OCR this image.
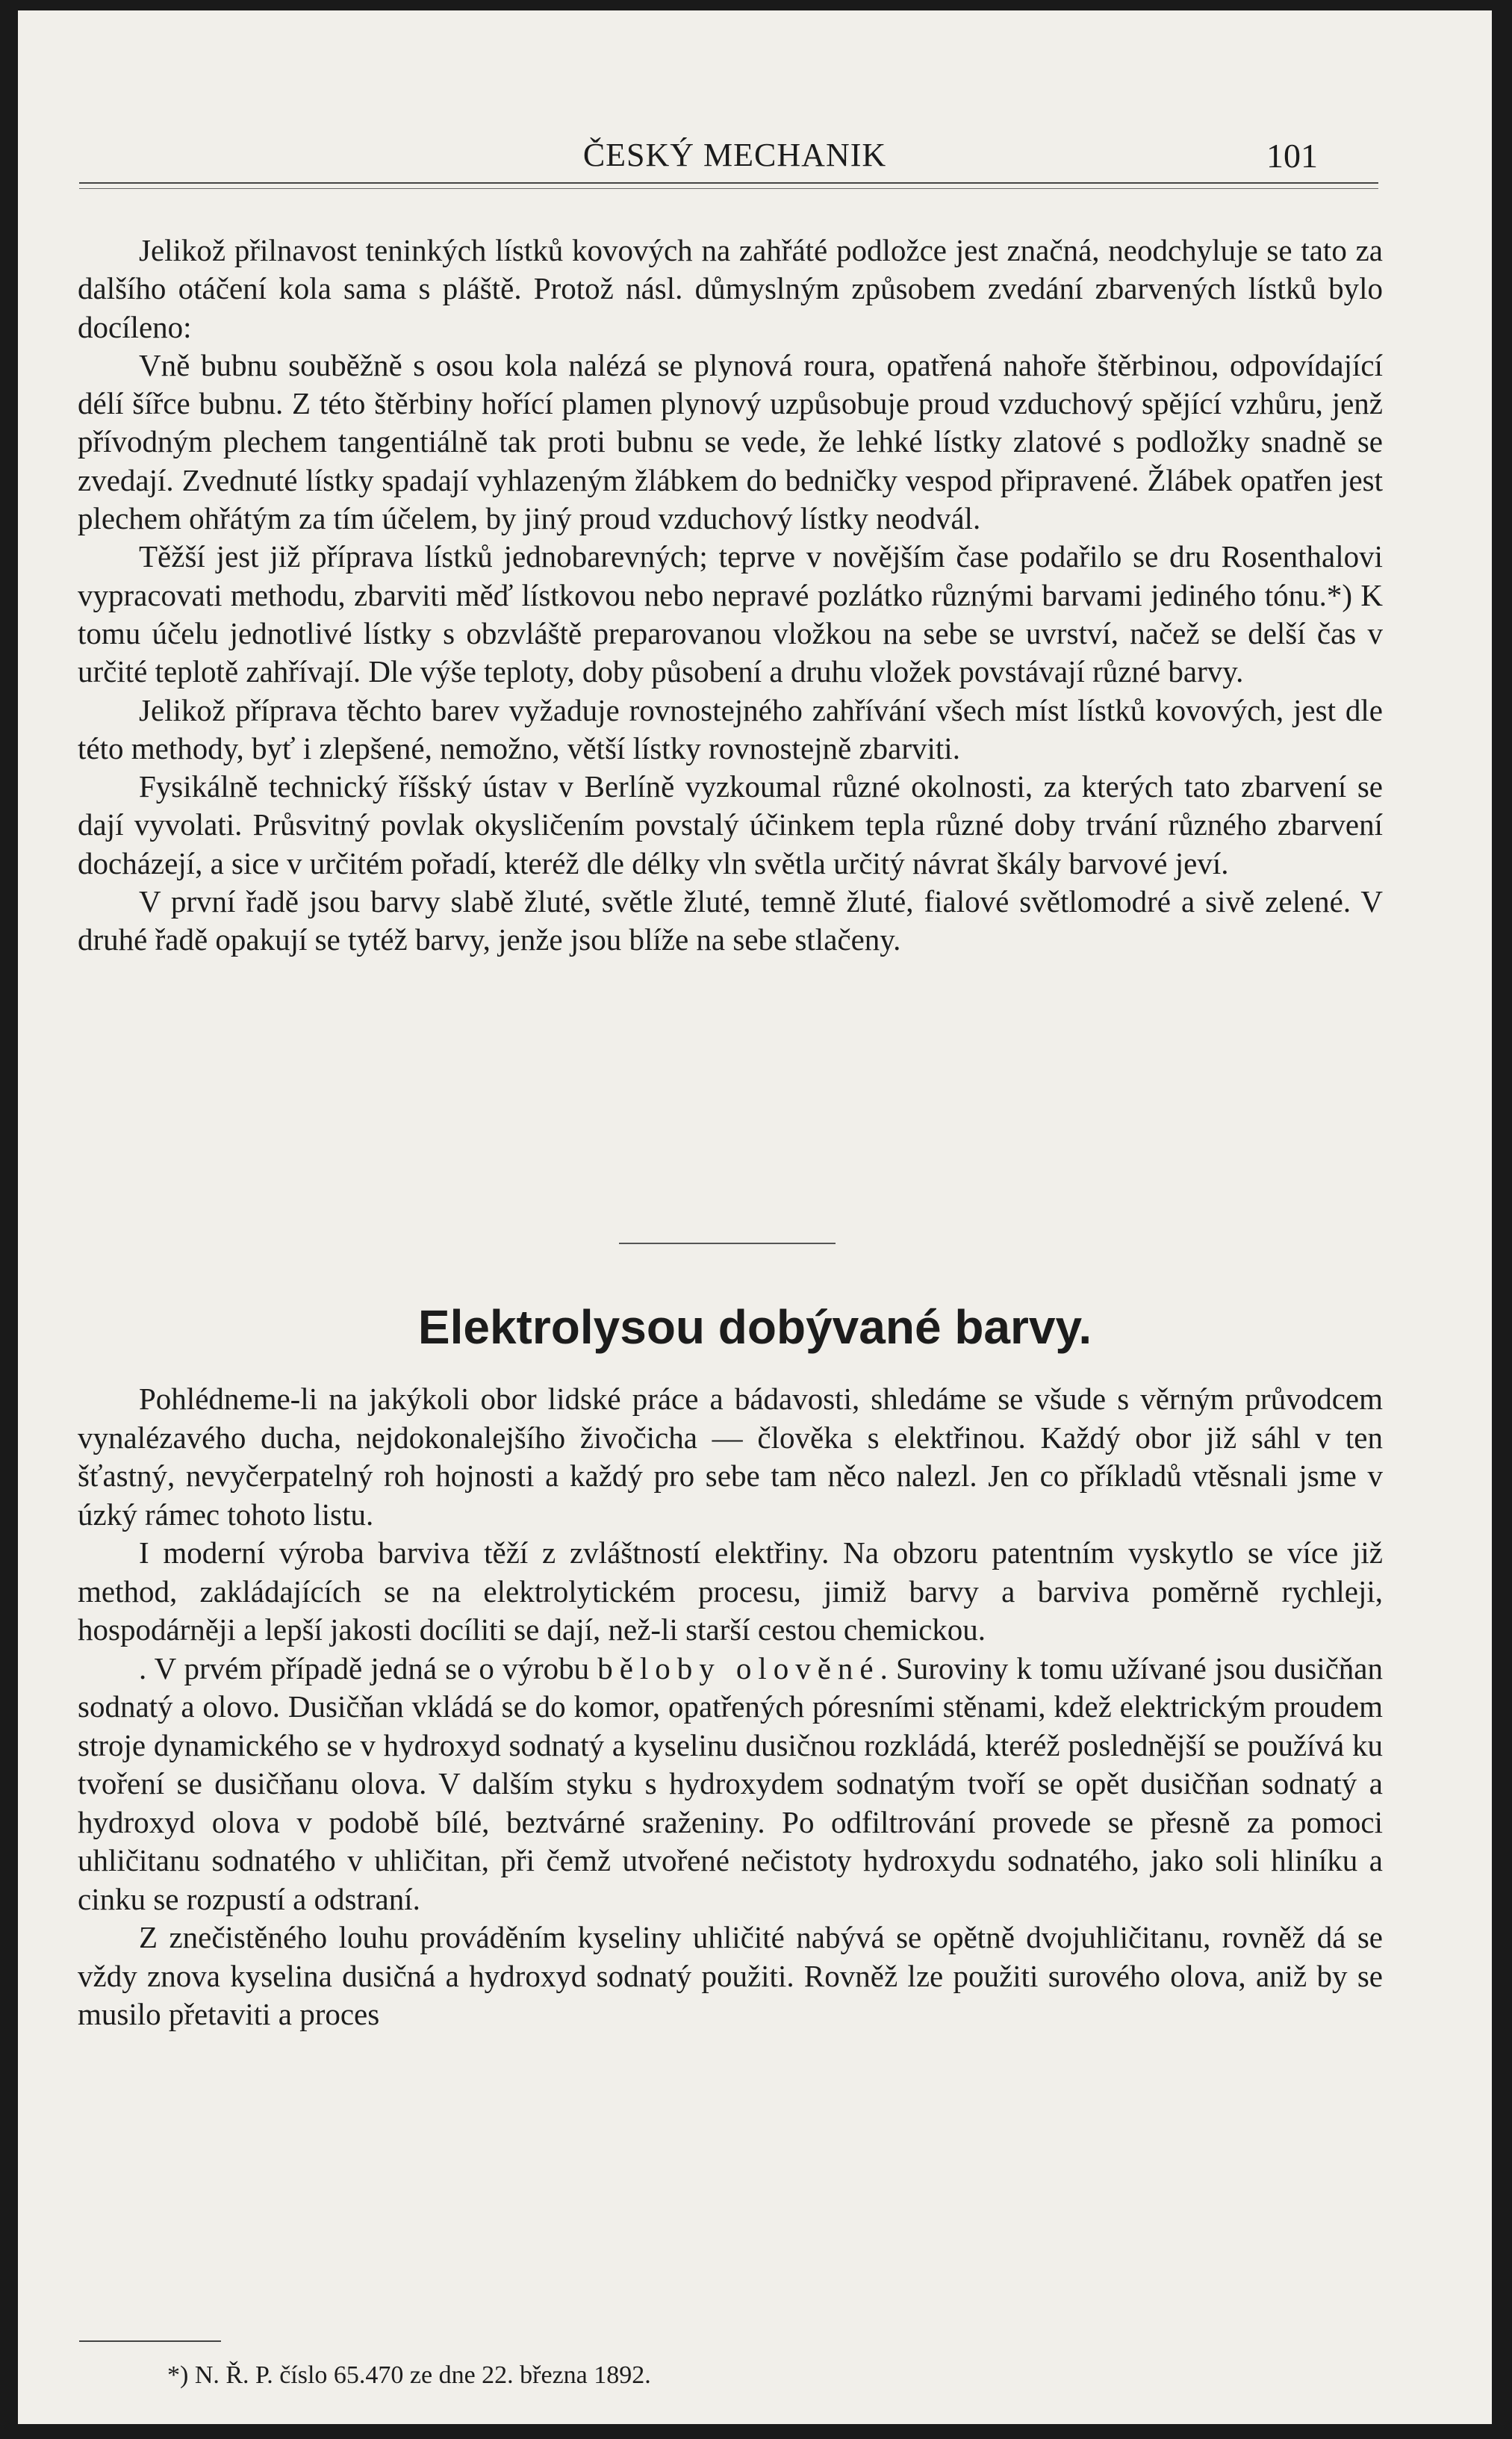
ČESKÝ MECHANIK	101

Jelikož přilnavost teninkých lístků kovových na zahřáté podložce jest značná, neodchyluje se tato za dalšího otáčení kola sama s pláště. Protož násl. důmyslným způsobem zvedání zbarvených lístků bylo docíleno:

Vně bubnu souběžně s osou kola nalézá se plynová roura, opatřená nahoře štěrbinou, odpovídající délí šířce bubnu. Z této štěrbiny hořící plamen plynový uzpůsobuje proud vzduchový spějící vzhůru, jenž přívodným plechem tangentiálně tak proti bubnu se vede, že lehké lístky zlatové s podložky snadně se zvedají. Zvednuté lístky spadají vyhlazeným žlábkem do bedničky vespod připravené. Žlábek opatřen jest plechem ohřátým za tím účelem, by jiný proud vzduchový lístky neodvál.

Těžší jest již příprava lístků jednobarevných; teprve v novějším čase podařilo se dru Rosenthalovi vypracovati methodu, zbarviti měď lístkovou nebo nepravé pozlátko různými barvami jediného tónu.*) K tomu účelu jednotlivé lístky s obzvláště preparovanou vložkou na sebe se uvrství, načež se delší čas v určité teplotě zahřívají. Dle výše teploty, doby působení a druhu vložek povstávají různé barvy.

Jelikož příprava těchto barev vyžaduje rovnostejného zahřívání všech míst lístků kovových, jest dle této methody, byť i zlepšené, nemožno, větší lístky rovnostejně zbarviti.

Fysikálně technický říšský ústav v Berlíně vyzkoumal různé okolnosti, za kterých tato zbarvení se dají vyvolati. Průsvitný povlak okysličením povstalý účinkem tepla různé doby trvání různého zbarvení docházejí, a sice v určitém pořadí, kteréž dle délky vln světla určitý návrat škály barvové jeví.

V první řadě jsou barvy slabě žluté, světle žluté, temně žluté, fialové světlomodré a sivě zelené. V druhé řadě opakují se tytéž barvy, jenže jsou blíže na sebe stlačeny.

Elektrolysou dobývané barvy.

Pohlédneme-li na jakýkoli obor lidské práce a bádavosti, shledáme se všude s věrným průvodcem vynalézavého ducha, nejdokonalejšího živočicha — člověka s elektřinou. Každý obor již sáhl v ten šťastný, nevyčerpatelný roh hojnosti a každý pro sebe tam něco nalezl. Jen co příkladů vtěsnali jsme v úzký rámec tohoto listu.

I moderní výroba barviva těží z zvláštností elektřiny. Na obzoru patentním vyskytlo se více již method, zakládajících se na elektrolytickém procesu, jimiž barvy a barviva poměrně rychleji, hospodárněji a lepší jakosti docíliti se dají, než-li starší cestou chemickou.

. V prvém případě jedná se o výrobu běloby olověné. Suroviny k tomu užívané jsou dusičňan sodnatý a olovo. Dusičňan vkládá se do komor, opatřených póresními stěnami, kdež elektrickým proudem stroje dynamického se v hydroxyd sodnatý a kyselinu dusičnou rozkládá, kteréž poslednější se používá ku tvoření se dusičňanu olova. V dalším styku s hydroxydem sodnatým tvoří se opět dusičňan sodnatý a hydroxyd olova v podobě bílé, beztvárné sraženiny. Po odfiltrování provede se přesně za pomoci uhličitanu sodnatého v uhličitan, při čemž utvořené nečistoty hydroxydu sodnatého, jako soli hliníku a cinku se rozpustí a odstraní.

Z znečistěného louhu prováděním kyseliny uhličité nabývá se opětně dvojuhličitanu, rovněž dá se vždy znova kyselina dusičná a hydroxyd sodnatý použiti. Rovněž lze použiti surového olova, aniž by se musilo přetaviti a proces

*) N. Ř. P. číslo 65.470 ze dne 22. března 1892.
